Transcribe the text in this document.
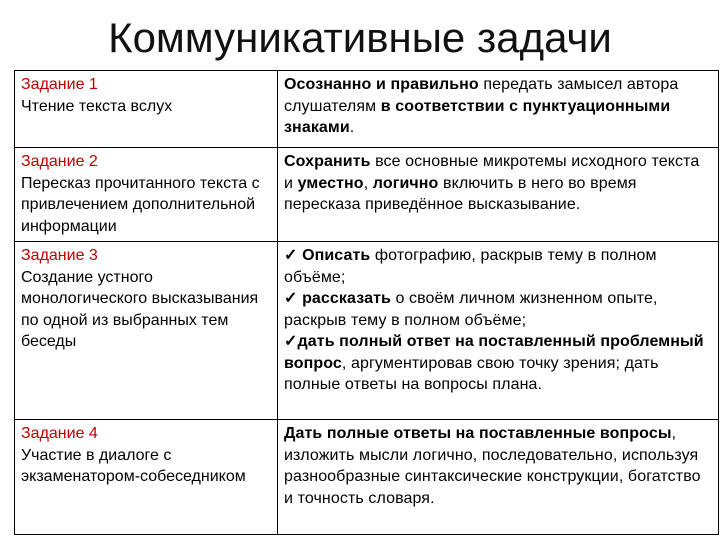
Коммуникативные задачи
Задание 1
Чтение текста вслух	Осознанно и правильно передать замысел автора слушателям в соответствии с пунктуационными знаками.

Задание 2
Пересказ прочитанного текста с привлечением дополнительной информации	Сохранить все основные микротемы исходного текста и уместно, логично включить в него во время пересказа приведённое высказывание.

Задание 3
Создание устного монологического высказывания по одной из выбранных тем беседы	✓ Описать фотографию, раскрыв тему в полном объёме;
✓ рассказать о своём личном жизненном опыте, раскрыв тему в полном объёме;
✓дать полный ответ на поставленный проблемный вопрос, аргументировав свою точку зрения; дать полные ответы на вопросы плана.

Задание 4
Участие в диалоге с экзаменатором-собеседником	Дать полные ответы на поставленные вопросы, изложить мысли логично, последовательно, используя разнообразные синтаксические конструкции, богатство и точность словаря.
